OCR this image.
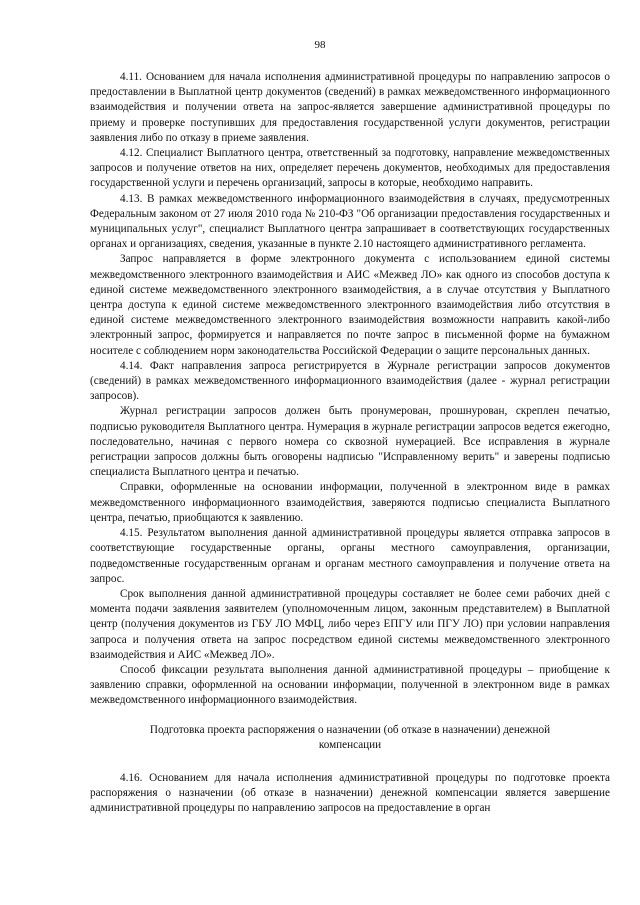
98

4.11. Основанием для начала исполнения административной процедуры по направлению запросов о предоставлении в Выплатной центр документов (сведений) в рамках межведомственного информационного взаимодействия и получении ответа на запрос-является завершение административной процедуры по приему и проверке поступивших для предоставления государственной услуги документов, регистрации заявления либо по отказу в приеме заявления.

4.12. Специалист Выплатного центра, ответственный за подготовку, направление межведомственных запросов и получение ответов на них, определяет перечень документов, необходимых для предоставления государственной услуги и перечень организаций, запросы в которые, необходимо направить.

4.13. В рамках межведомственного информационного взаимодействия в случаях, предусмотренных Федеральным законом от 27 июля 2010 года № 210-ФЗ "Об организации предоставления государственных и муниципальных услуг", специалист Выплатного центра запрашивает в соответствующих государственных органах и организациях, сведения, указанные в пункте 2.10 настоящего административного регламента.

Запрос направляется в форме электронного документа с использованием единой системы межведомственного электронного взаимодействия и АИС «Межвед ЛО» как одного из способов доступа к единой системе межведомственного электронного взаимодействия, а в случае отсутствия у Выплатного центра доступа к единой системе межведомственного электронного взаимодействия либо отсутствия в единой системе межведомственного электронного взаимодействия возможности направить какой-либо электронный запрос, формируется и направляется по почте запрос в письменной форме на бумажном носителе с соблюдением норм законодательства Российской Федерации о защите персональных данных.

4.14. Факт направления запроса регистрируется в Журнале регистрации запросов документов (сведений) в рамках межведомственного информационного взаимодействия (далее - журнал регистрации запросов).

Журнал регистрации запросов должен быть пронумерован, прошнурован, скреплен печатью, подписью руководителя Выплатного центра. Нумерация в журнале регистрации запросов ведется ежегодно, последовательно, начиная с первого номера со сквозной нумерацией. Все исправления в журнале регистрации запросов должны быть оговорены надписью "Исправленному верить" и заверены подписью специалиста Выплатного центра и печатью.

Справки, оформленные на основании информации, полученной в электронном виде в рамках межведомственного информационного взаимодействия, заверяются подписью специалиста Выплатного центра, печатью, приобщаются к заявлению.

4.15. Результатом выполнения данной административной процедуры является отправка запросов в соответствующие государственные органы, органы местного самоуправления, организации, подведомственные государственным органам и органам местного самоуправления и получение ответа на запрос.

Срок выполнения данной административной процедуры составляет не более семи рабочих дней с момента подачи заявления заявителем (уполномоченным лицом, законным представителем) в Выплатной центр (получения документов из ГБУ ЛО МФЦ, либо через ЕПГУ или ПГУ ЛО) при условии направления запроса и получения ответа на запрос посредством единой системы межведомственного электронного взаимодействия и АИС «Межвед ЛО».

Способ фиксации результата выполнения данной административной процедуры – приобщение к заявлению справки, оформленной на основании информации, полученной в электронном виде в рамках межведомственного информационного взаимодействия.

Подготовка проекта распоряжения о назначении (об отказе в назначении) денежной компенсации

4.16. Основанием для начала исполнения административной процедуры по подготовке проекта распоряжения о назначении (об отказе в назначении) денежной компенсации является завершение административной процедуры по направлению запросов на предоставление в орган
